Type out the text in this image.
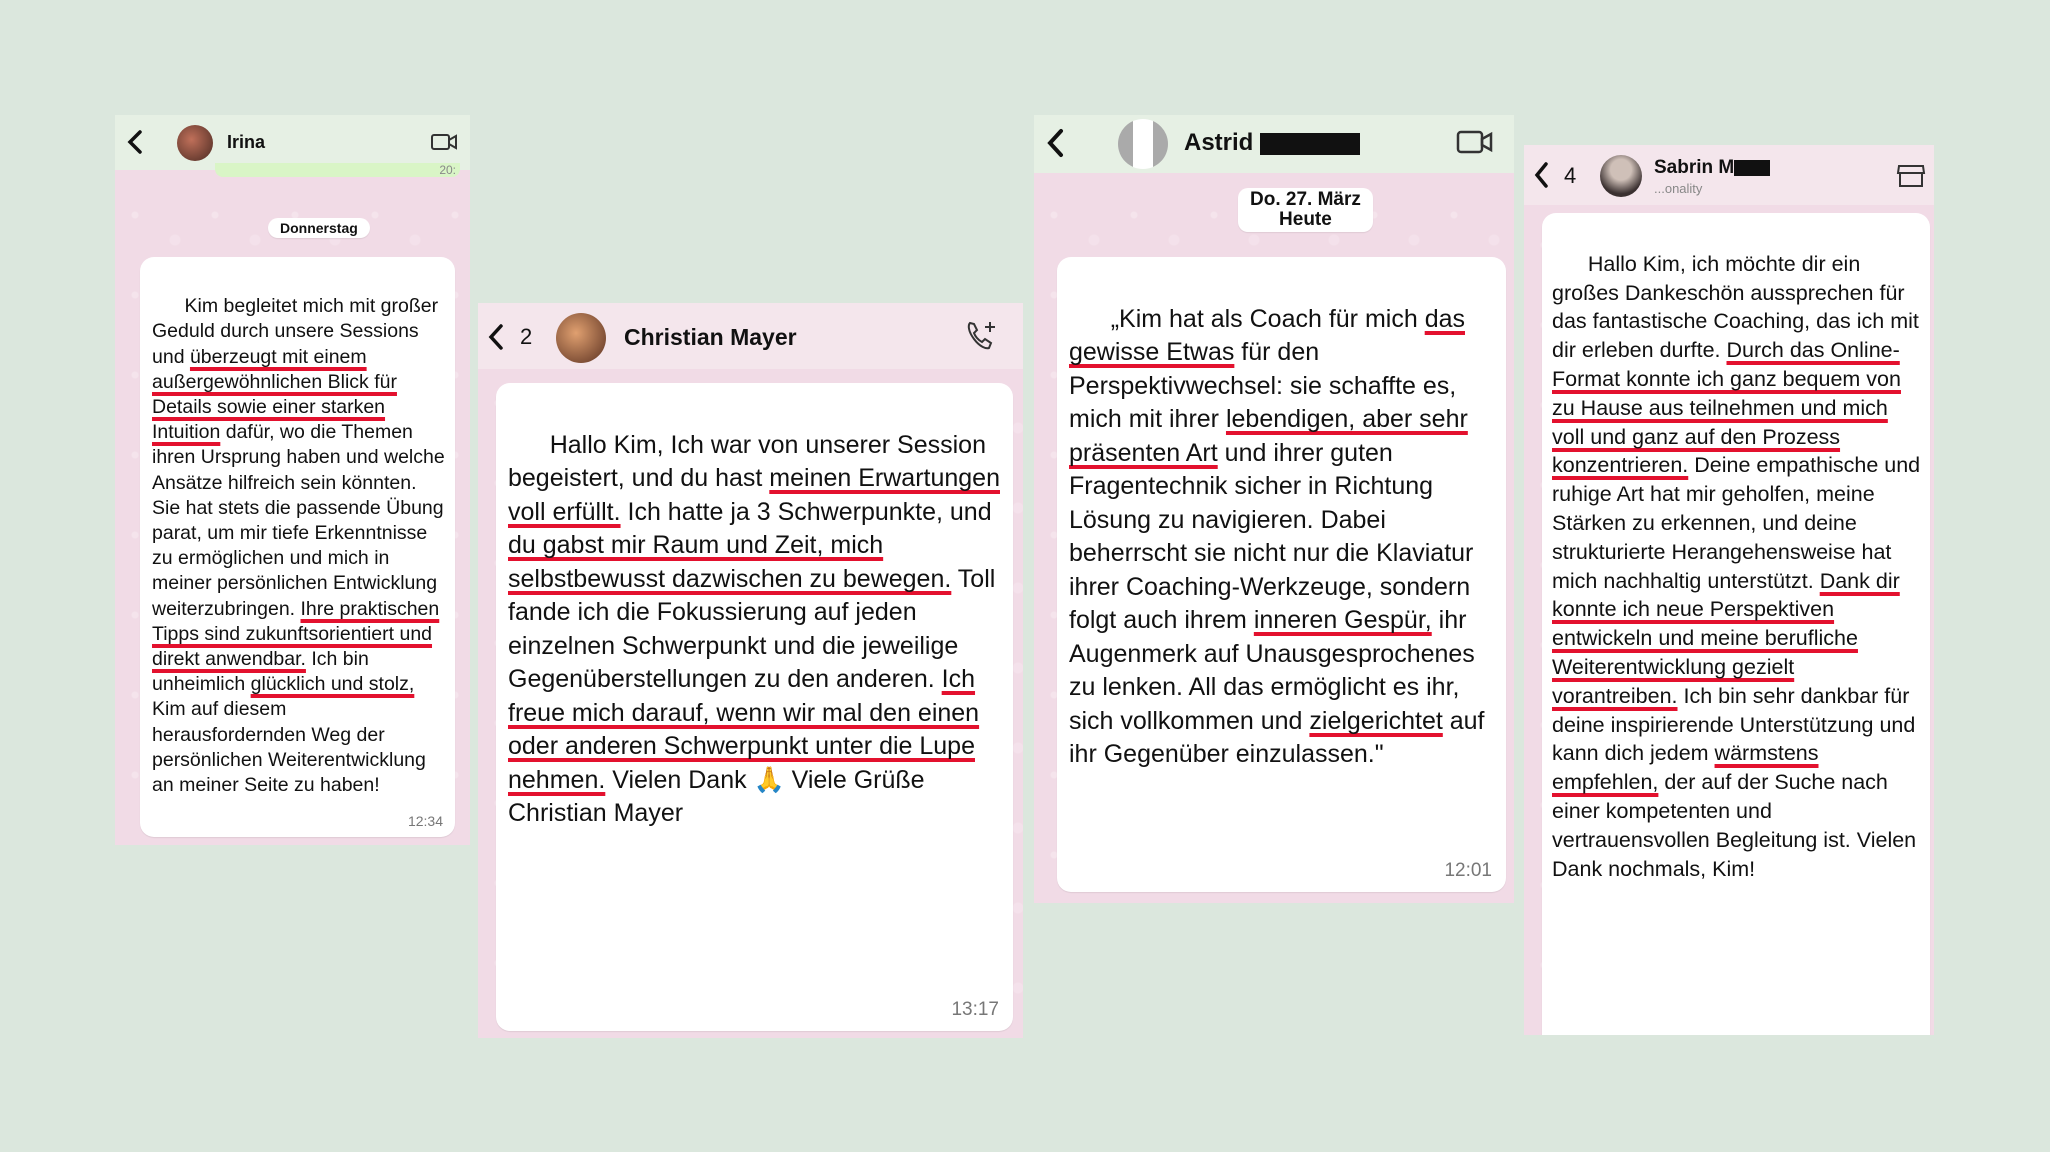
Irina
20:
Donnerstag

Kim begleitet mich mit großer Geduld durch unsere Sessions und überzeugt mit einem außergewöhnlichen Blick für Details sowie einer starken Intuition dafür, wo die Themen ihren Ursprung haben und welche Ansätze hilfreich sein könnten. Sie hat stets die passende Übung parat, um mir tiefe Erkenntnisse zu ermöglichen und mich in meiner persönlichen Entwicklung weiterzubringen. Ihre praktischen Tipps sind zukunftsorientiert und direkt anwendbar. Ich bin unheimlich glücklich und stolz, Kim auf diesem herausfordernden Weg der persönlichen Weiterentwicklung an meiner Seite zu haben!

12:34
2	Christian Mayer

Hallo Kim, Ich war von unserer Session begeistert, und du hast meinen Erwartungen voll erfüllt. Ich hatte ja 3 Schwerpunkte, und du gabst mir Raum und Zeit, mich selbstbewusst dazwischen zu bewegen. Toll fande ich die Fokussierung auf jeden einzelnen Schwerpunkt und die jeweilige Gegenüberstellungen zu den anderen. Ich freue mich darauf, wenn wir mal den einen oder anderen Schwerpunkt unter die Lupe nehmen. Vielen Dank 🙏 Viele Grüße Christian Mayer

13:17
Astrid
Do. 27. März
Heute

„Kim hat als Coach für mich das gewisse Etwas für den Perspektivwechsel: sie schaffte es, mich mit ihrer lebendigen, aber sehr präsenten Art und ihrer guten Fragentechnik sicher in Richtung Lösung zu navigieren. Dabei beherrscht sie nicht nur die Klaviatur ihrer Coaching-Werkzeuge, sondern folgt auch ihrem inneren Gespür, ihr Augenmerk auf Unausgesprochenes zu lenken. All das ermöglicht es ihr, sich vollkommen und zielgerichtet auf ihr Gegenüber einzulassen."

12:01
4	Sabrin M
...onality

Hallo Kim, ich möchte dir ein großes Dankeschön aussprechen für das fantastische Coaching, das ich mit dir erleben durfte. Durch das Online-Format konnte ich ganz bequem von zu Hause aus teilnehmen und mich voll und ganz auf den Prozess konzentrieren. Deine empathische und ruhige Art hat mir geholfen, meine Stärken zu erkennen, und deine strukturierte Herangehensweise hat mich nachhaltig unterstützt. Dank dir konnte ich neue Perspektiven entwickeln und meine berufliche Weiterentwicklung gezielt vorantreiben. Ich bin sehr dankbar für deine inspirierende Unterstützung und kann dich jedem wärmstens empfehlen, der auf der Suche nach einer kompetenten und vertrauensvollen Begleitung ist. Vielen Dank nochmals, Kim!
